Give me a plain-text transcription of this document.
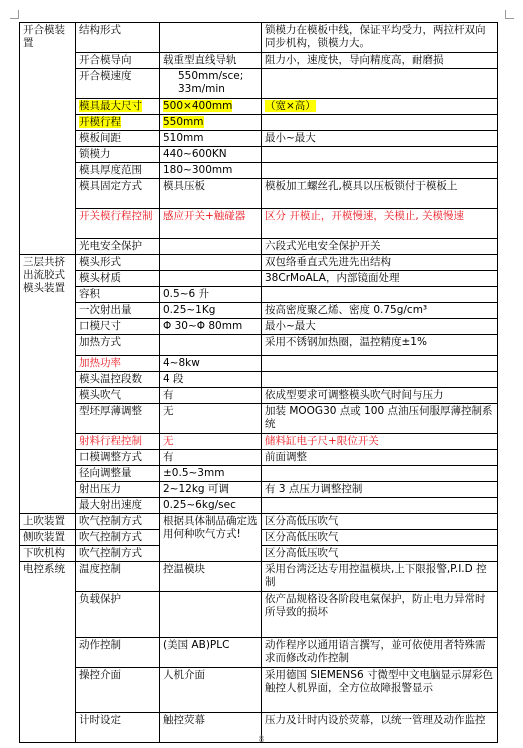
开合模装置	结构形式		锁模力在模板中线，保证平均受力，两拉杆双向同步机构，锁模力大。
	开合模导向	载重型直线导轨	阻力小，速度快，导向精度高，耐磨损
	开合模速度	550mm/sce;
33m/min	
	模具最大尺寸	500×400mm	（宽×高）
	开模行程	550mm	
	模板间距	510mm	最小~最大
	锁模力	440~600KN	
	模具厚度范围	180~300mm	
	模具固定方式	模具压板	模板加工螺丝孔,模具以压板锁付于模板上
	开关模行程控制	感应开关+触碰器	区分 开模止，开模慢速，关模止, 关模慢速
	光电安全保护		六段式光电安全保护开关
三层共挤出流胶式模头装置	模头形式		双包络垂直式先进先出结构
	模头材质		38CrMoALA，内部镜面处理
	容积	0.5~6 升	
	一次射出量	0.25~1Kg	按高密度聚乙烯、密度 0.75g/cm³
	口模尺寸	Φ 30~Φ 80mm	最小~最大
	加热方式		采用不锈钢加热圈，温控精度±1%
	加热功率	4~8kw	
	模头温控段数	4 段	
	模头吹气	有	依成型要求可调整模头吹气时间与压力
	型坯厚薄调整	无	加装 MOOG30 点或 100 点油压伺服厚薄控制系统
	射料行程控制	无	储料缸电子尺+限位开关
	口模调整方式	有	前面调整
	径向调整量	±0.5~3mm	
	射出压力	2~12kg 可调	有 3 点压力调整控制
	最大射出速度	0.25~6kg/sec	
上吹装置	吹气控制方式	根据具体制品确定选用何种吹气方式!	区分高低压吹气
侧吹装置	吹气控制方式		区分高低压吹气
下吹机构	吹气控制方式		区分高低压吹气
电控系统	温度控制	控温模块	采用台湾泛达专用控温模块,上下限报警,P.I.D 控制
	负载保护		依产品规格设各阶段电氣保护，防止电力异常时所导致的损坏
	动作控制	(美国 AB)PLC	动作程序以通用语言撰写，並可依使用者特殊需求而修改动作控制
	操控介面	人机介面	采用德国 SIEMENS6 寸微型中文电脑显示屏彩色触控人机界面，全方位故障报警显示
	计时设定	触控荧幕	压力及计时内设於荧幕，以统一管理及动作监控
8
